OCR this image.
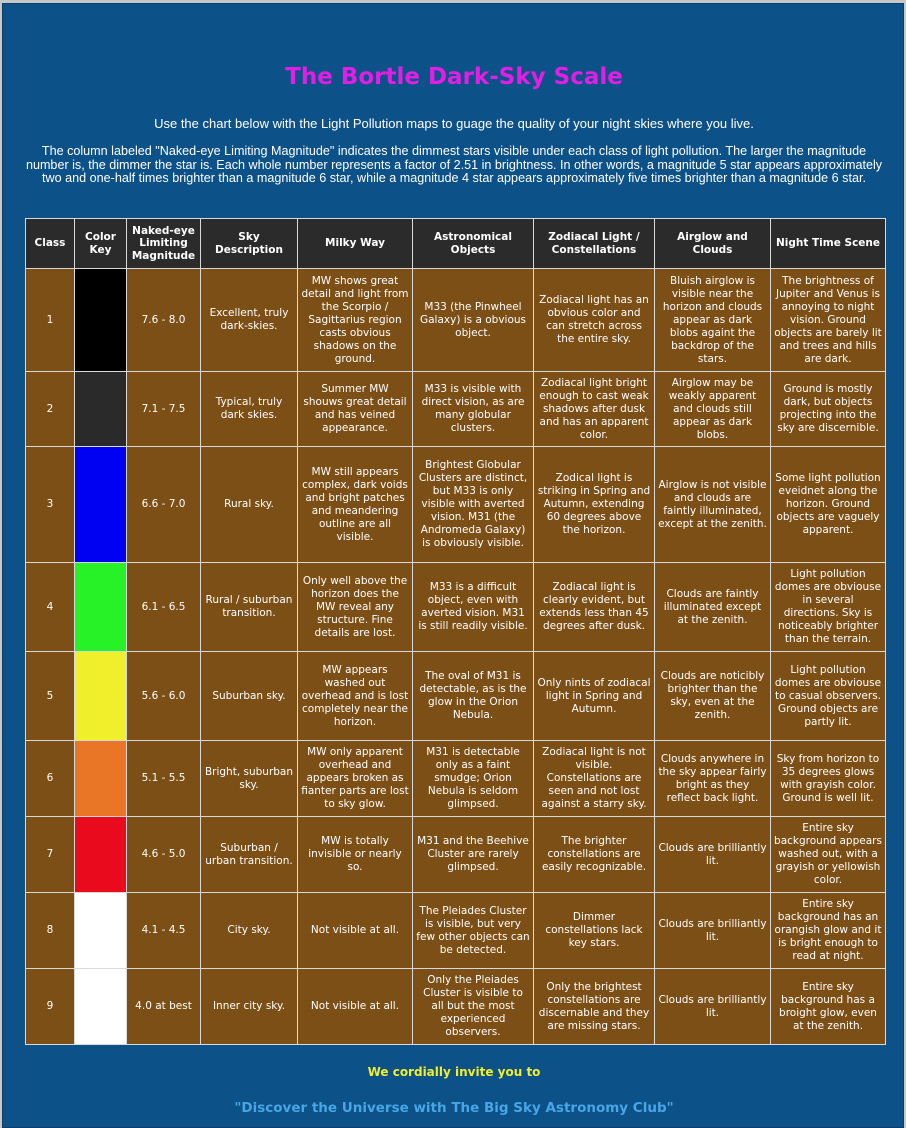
The Bortle Dark-Sky Scale
Use the chart below with the Light Pollution maps to guage the quality of your night skies where you live.
The column labeled "Naked-eye Limiting Magnitude" indicates the dimmest stars visible under each class of light pollution. The larger the magnitude number is, the dimmer the star is. Each whole number represents a factor of 2.51 in brightness. In other words, a magnitude 5 star appears approximately two and one-half times brighter than a magnitude 6 star, while a magnitude 4 star appears approximately five times brighter than a magnitude 6 star.
Class	Color Key	Naked-eye Limiting Magnitude	Sky Description	Milky Way	Astronomical Objects	Zodiacal Light / Constellations	Airglow and Clouds	Night Time Scene
1		7.6 - 8.0	Excellent, truly dark-skies.	MW shows great detail and light from the Scorpio / Sagittarius region casts obvious shadows on the ground.	M33 (the Pinwheel Galaxy) is a obvious object.	Zodiacal light has an obvious color and can stretch across the entire sky.	Bluish airglow is visible near the horizon and clouds appear as dark blobs againt the backdrop of the stars.	The brightness of Jupiter and Venus is annoying to night vision. Ground objects are barely lit and trees and hills are dark.
2		7.1 - 7.5	Typical, truly dark skies.	Summer MW shouws great detail and has veined appearance.	M33 is visible with direct vision, as are many globular clusters.	Zodiacal light bright enough to cast weak shadows after dusk and has an apparent color.	Airglow may be weakly apparent and clouds still appear as dark blobs.	Ground is mostly dark, but objects projecting into the sky are discernible.
3		6.6 - 7.0	Rural sky.	MW still appears complex, dark voids and bright patches and meandering outline are all visible.	Brightest Globular Clusters are distinct, but M33 is only visible with averted vision. M31 (the Andromeda Galaxy) is obviously visible.	Zodical light is striking in Spring and Autumn, extending 60 degrees above the horizon.	Airglow is not visible and clouds are faintly illuminated, except at the zenith.	Some light pollution eveidnet along the horizon. Ground objects are vaguely apparent.
4		6.1 - 6.5	Rural / suburban transition.	Only well above the horizon does the MW reveal any structure. Fine details are lost.	M33 is a difficult object, even with averted vision. M31 is still readily visible.	Zodiacal light is clearly evident, but extends less than 45 degrees after dusk.	Clouds are faintly illuminated except at the zenith.	Light pollution domes are obviouse in several directions. Sky is noticeably brighter than the terrain.
5		5.6 - 6.0	Suburban sky.	MW appears washed out overhead and is lost completely near the horizon.	The oval of M31 is detectable, as is the glow in the Orion Nebula.	Only nints of zodiacal light in Spring and Autumn.	Clouds are noticibly brighter than the sky, even at the zenith.	Light pollution domes are obviouse to casual observers. Ground objects are partly lit.
6		5.1 - 5.5	Bright, suburban sky.	MW only apparent overhead and appears broken as fianter parts are lost to sky glow.	M31 is detectable only as a faint smudge; Orion Nebula is seldom glimpsed.	Zodiacal light is not visible. Constellations are seen and not lost against a starry sky.	Clouds anywhere in the sky appear fairly bright as they reflect back light.	Sky from horizon to 35 degrees glows with grayish color. Ground is well lit.
7		4.6 - 5.0	Suburban / urban transition.	MW is totally invisible or nearly so.	M31 and the Beehive Cluster are rarely glimpsed.	The brighter constellations are easily recognizable.	Clouds are brilliantly lit.	Entire sky background appears washed out, with a grayish or yellowish color.
8		4.1 - 4.5	City sky.	Not visible at all.	The Pleiades Cluster is visible, but very few other objects can be detected.	Dimmer constellations lack key stars.	Clouds are brilliantly lit.	Entire sky background has an orangish glow and it is bright enough to read at night.
9		4.0 at best	Inner city sky.	Not visible at all.	Only the Pleiades Cluster is visible to all but the most experienced observers.	Only the brightest constellations are discernable and they are missing stars.	Clouds are brilliantly lit.	Entire sky background has a broight glow, even at the zenith.
We cordially invite you to
"Discover the Universe with The Big Sky Astronomy Club"
